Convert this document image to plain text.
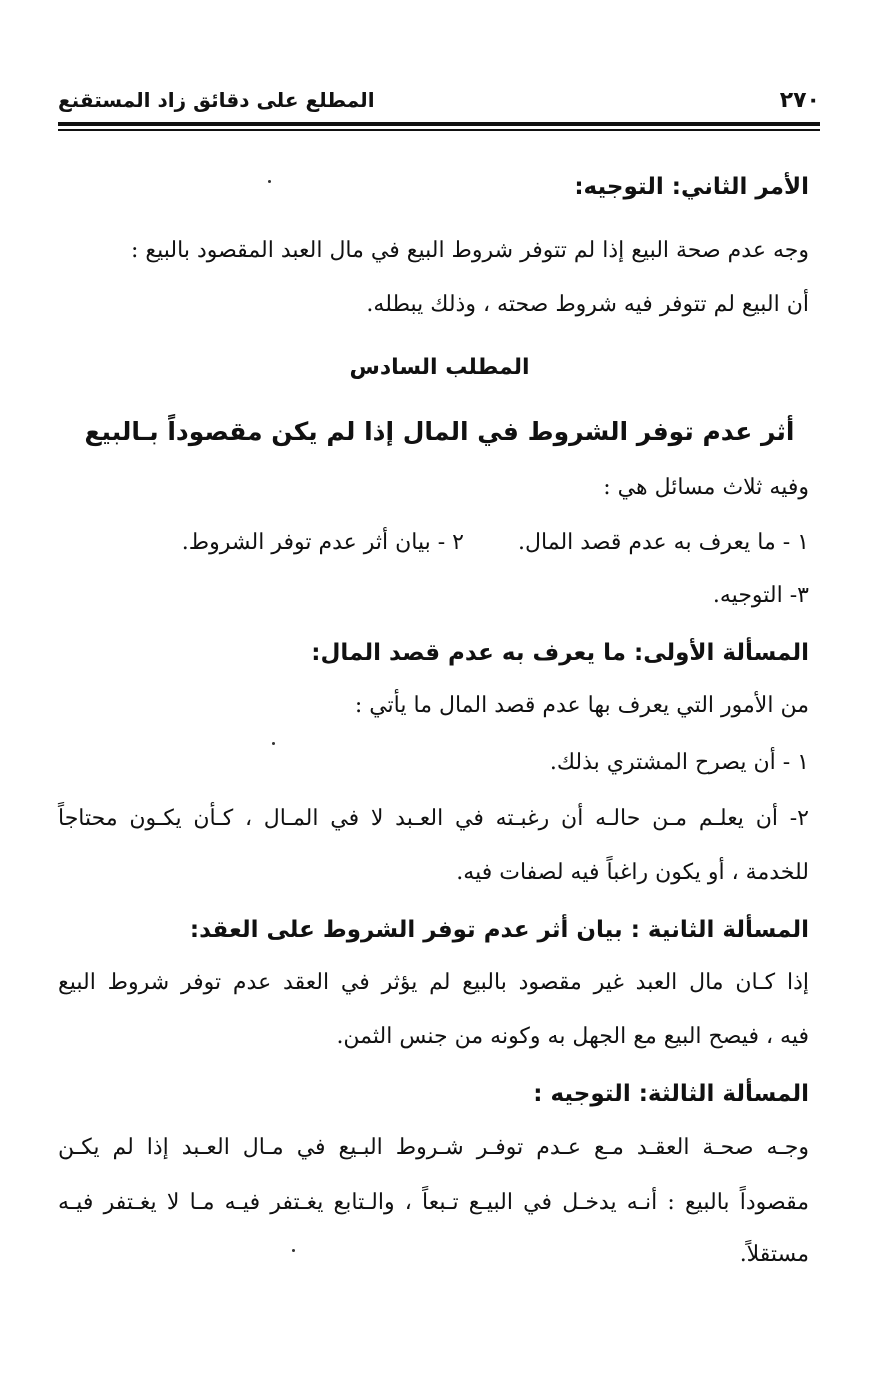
٢٧٠
المطلع على دقائق زاد المستقنع
الأمر الثاني: التوجيه:
وجه عدم صحة البيع إذا لم تتوفر شروط البيع في مال العبد المقصود بالبيع :
أن البيع لم تتوفر فيه شروط صحته ، وذلك يبطله.
المطلب السادس
أثر عدم توفر الشروط في المال إذا لم يكن مقصوداً بـالبيع
وفيه ثلاث مسائل هي :
١ - ما يعرف به عدم قصد المال.
٢ - بيان أثر عدم توفر الشروط.
٣- التوجيه.
المسألة الأولى: ما يعرف به عدم قصد المال:
من الأمور التي يعرف بها عدم قصد المال ما يأتي :
١ - أن يصرح المشتري بذلك.
٢- أن يعلـم مـن حالـه أن رغبـته في العـبد لا في المـال ، كـأن يكـون محتاجاً
للخدمة ، أو يكون راغباً فيه لصفات فيه.
المسألة الثانية : بيان أثر عدم توفر الشروط على العقد:
إذا كـان مال العبد غير مقصود بالبيع لم يؤثر في العقد عدم توفر شروط البيع
فيه ، فيصح البيع مع الجهل به وكونه من جنس الثمن.
المسألة الثالثة: التوجيه :
وجـه صحـة العقـد مـع عـدم توفـر شـروط البـيع في مـال العـبد إذا لم يكـن
مقصوداً بالبيع : أنـه يدخـل في البيـع تـبعاً ، والـتابع يغـتفر فيـه مـا لا يغـتفر فيـه
مستقلاً.
